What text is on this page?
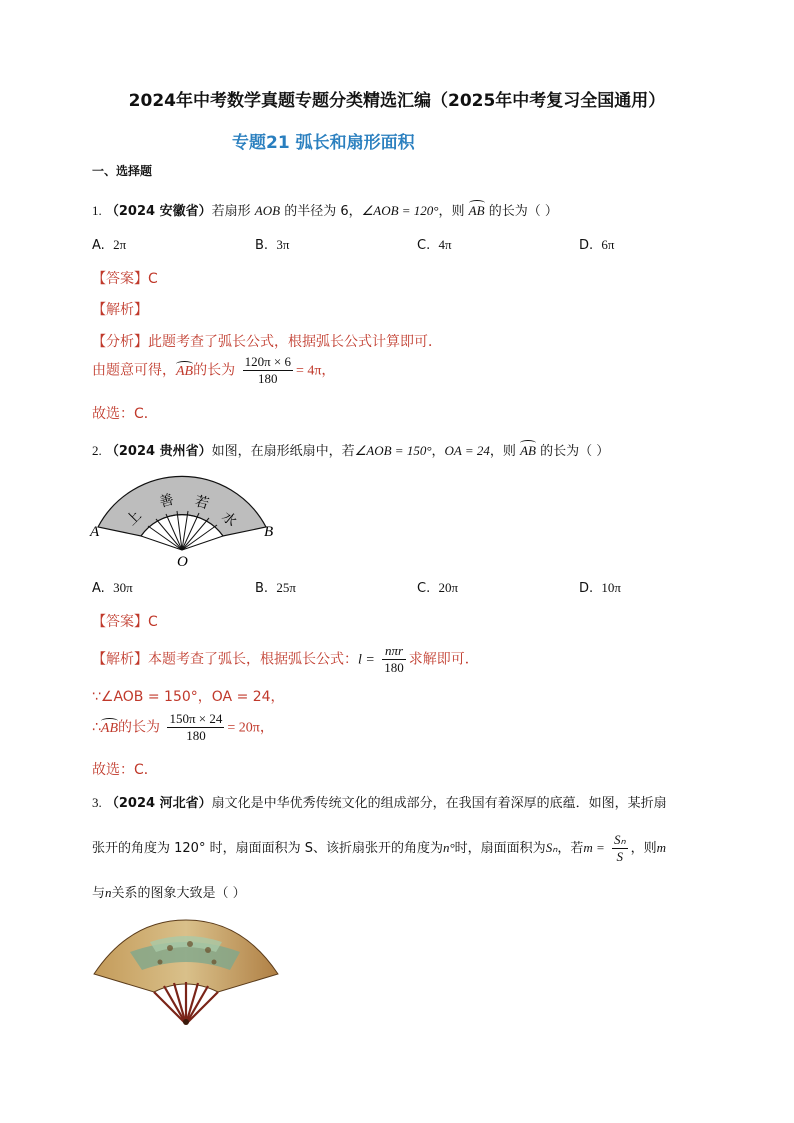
2024年中考数学真题专题分类精选汇编（2025年中考复习全国通用）
专题21 弧长和扇形面积
一、选择题
1. （2024 安徽省）若扇形 AOB 的半径为 6，∠AOB = 120°，则 AB 的长为（ ）
A. 2π	B. 3π	C. 4π	D. 6π
【答案】C
【解析】
【分析】此题考查了弧长公式，根据弧长公式计算即可．
由题意可得，AB的长为 $\frac{120\pi \times 6}{180} = 4\pi$，
故选：C．
2. （2024 贵州省）如图，在扇形纸扇中，若∠AOB = 150°，OA = 24，则 AB 的长为（ ）
上
善 若
水
A	B
O
A. 30π	B. 25π	C. 20π	D. 10π
【答案】C
【解析】本题考查了弧长，根据弧长公式：$l = \frac{\text{nπr}}{180}$ 求解即可．
∵∠AOB = 150°，OA = 24，
∴AB的长为 $\frac{150\pi \times 24}{180} = 20\pi$，
故选：C．
3. （2024 河北省）扇文化是中华优秀传统文化的组成部分，在我国有着深厚的底蕴．如图，某折扇
张开的角度为 120° 时，扇面面积为 S、该折扇张开的角度为n°时，扇面面积为Sₙ，若$m = \frac{\text{Sₙ}}{S}$ ，则m
与n关系的图象大致是（ ）
